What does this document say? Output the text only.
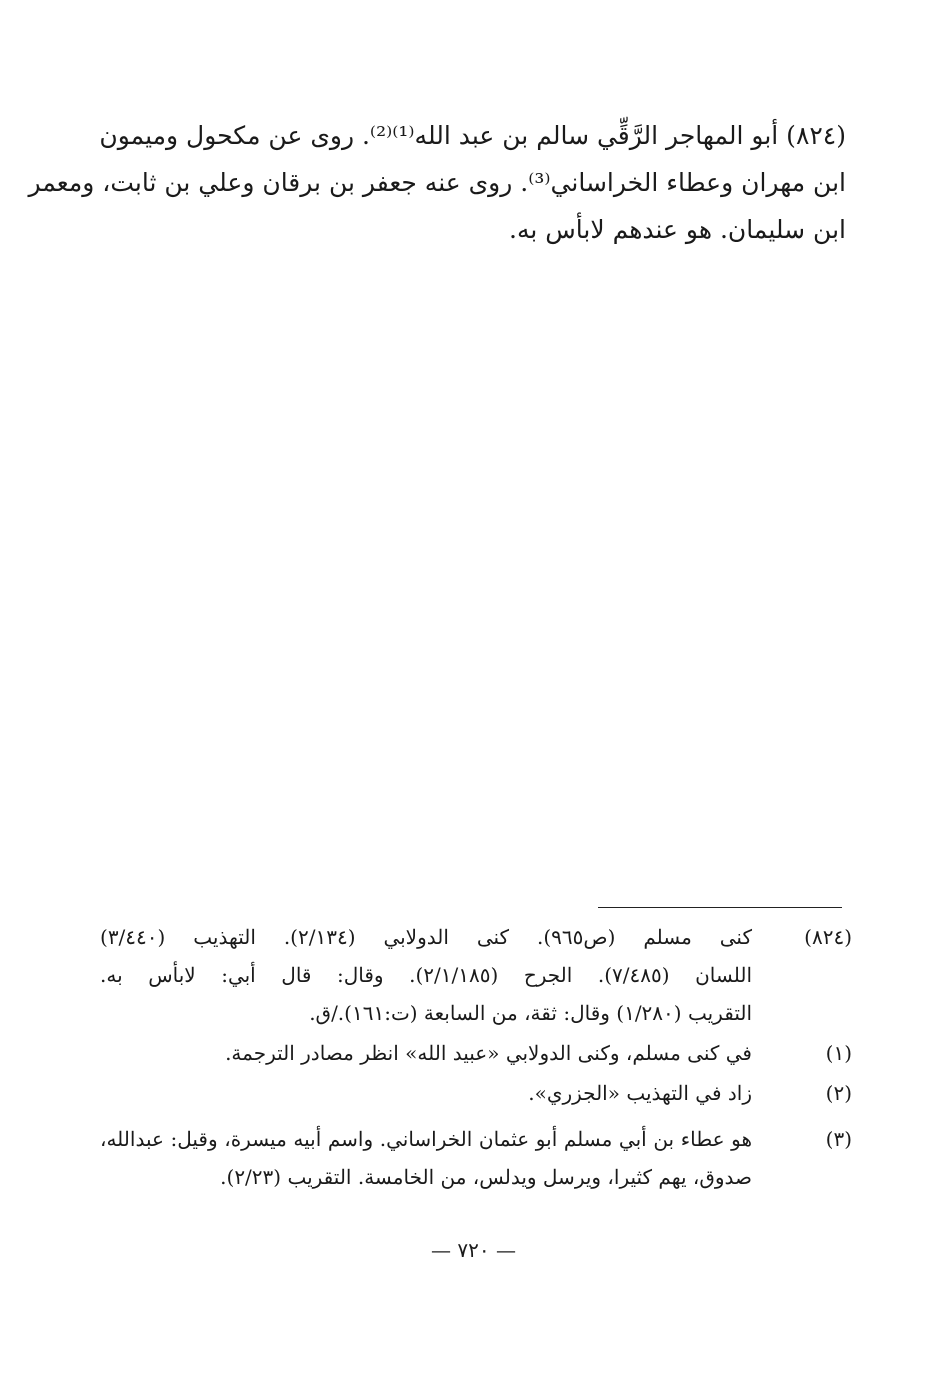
(٨٢٤) أبو المهاجر الرَّقِّي سالم بن عبد الله⁽¹⁾⁽²⁾. روى عن مكحول وميمون
ابن مهران وعطاء الخراساني⁽³⁾. روى عنه جعفر بن برقان وعلي بن ثابت، ومعمر
ابن سليمان. هو عندهم لابأس به.
(٨٢٤)
كنى مسلم (ص٩٦٥). كنى الدولابي (٢/١٣٤). التهذيب (٣/٤٤٠)
اللسان (٧/٤٨٥). الجرح (٢/١/١٨٥). وقال: قال أبي: لابأس به.
التقريب (١/٢٨٠) وقال: ثقة، من السابعة (ت:١٦١)./ق.
(١)
في كنى مسلم، وكنى الدولابي «عبيد الله» انظر مصادر الترجمة.
(٢)
زاد في التهذيب «الجزري».
(٣)
هو عطاء بن أبي مسلم أبو عثمان الخراساني. واسم أبيه ميسرة، وقيل: عبدالله،
صدوق، يهم كثيرا، ويرسل ويدلس، من الخامسة. التقريب (٢/٢٣).
— ٧٢٠ —
